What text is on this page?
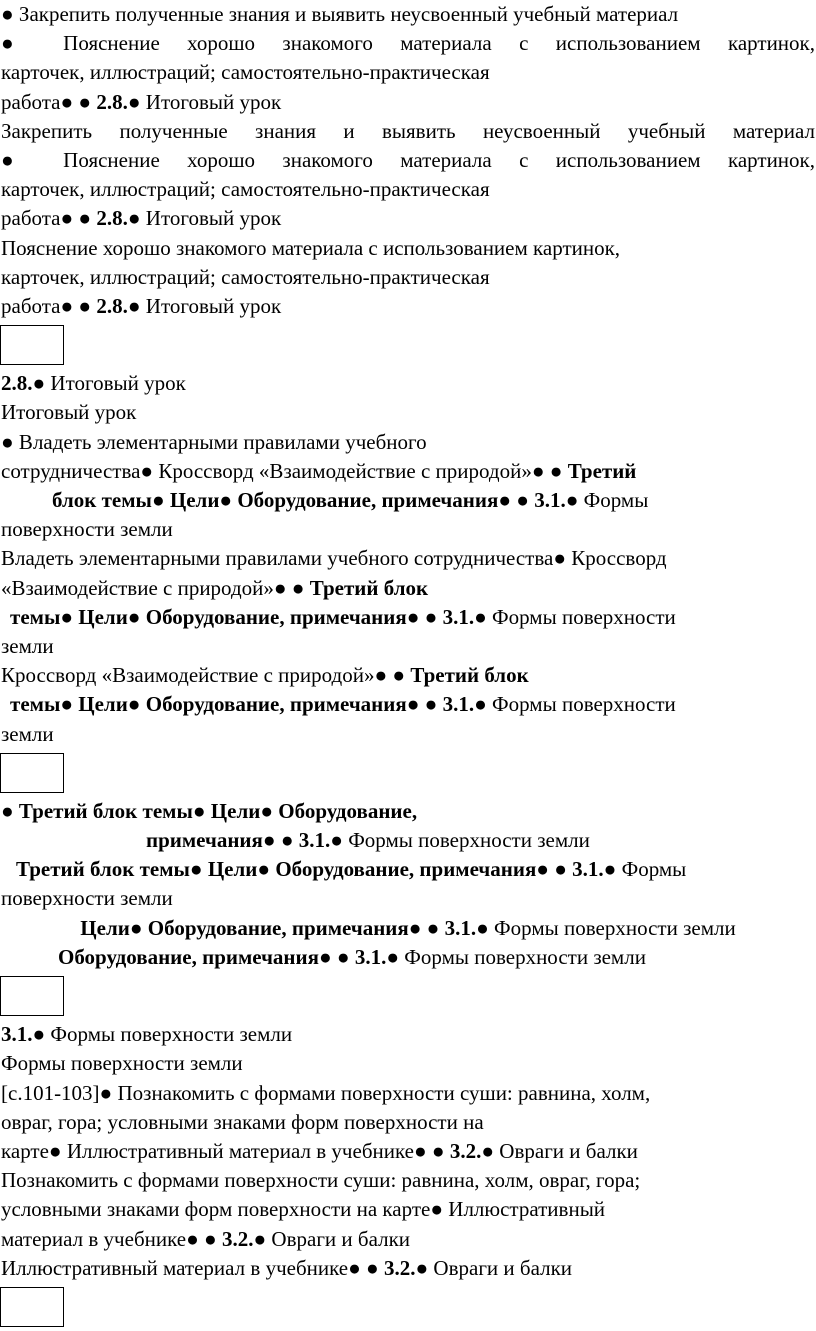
● Закрепить полученные знания и выявить неусвоенный учебный материал
● Пояснение хорошо знакомого материала с использованием картинок,
карточек, иллюстраций; самостоятельно-практическая
работа● ● 2.8.● Итоговый урок
Закрепить полученные знания и выявить неусвоенный учебный материал
● Пояснение хорошо знакомого материала с использованием картинок,
карточек, иллюстраций; самостоятельно-практическая
работа● ● 2.8.● Итоговый урок
Пояснение хорошо знакомого материала с использованием картинок,
карточек, иллюстраций; самостоятельно-практическая
работа● ● 2.8.● Итоговый урок
2.8.● Итоговый урок
Итоговый урок
● Владеть элементарными правилами учебного
сотрудничества● Кроссворд «Взаимодействие с природой»● ● Третий
блок темы● Цели● Оборудование, примечания● ● 3.1.● Формы
поверхности земли
Владеть элементарными правилами учебного сотрудничества● Кроссворд
«Взаимодействие с природой»● ● Третий блок
темы● Цели● Оборудование, примечания● ● 3.1.● Формы поверхности
земли
Кроссворд «Взаимодействие с природой»● ● Третий блок
темы● Цели● Оборудование, примечания● ● 3.1.● Формы поверхности
земли
● Третий блок темы● Цели● Оборудование,
примечания● ● 3.1.● Формы поверхности земли
Третий блок темы● Цели● Оборудование, примечания● ● 3.1.● Формы
поверхности земли
Цели● Оборудование, примечания● ● 3.1.● Формы поверхности земли
Оборудование, примечания● ● 3.1.● Формы поверхности земли
3.1.● Формы поверхности земли
Формы поверхности земли
[с.101-103]● Познакомить с формами поверхности суши: равнина, холм,
овраг, гора; условными знаками форм поверхности на
карте● Иллюстративный материал в учебнике● ● 3.2.● Овраги и балки
Познакомить с формами поверхности суши: равнина, холм, овраг, гора;
условными знаками форм поверхности на карте● Иллюстративный
материал в учебнике● ● 3.2.● Овраги и балки
Иллюстративный материал в учебнике● ● 3.2.● Овраги и балки
